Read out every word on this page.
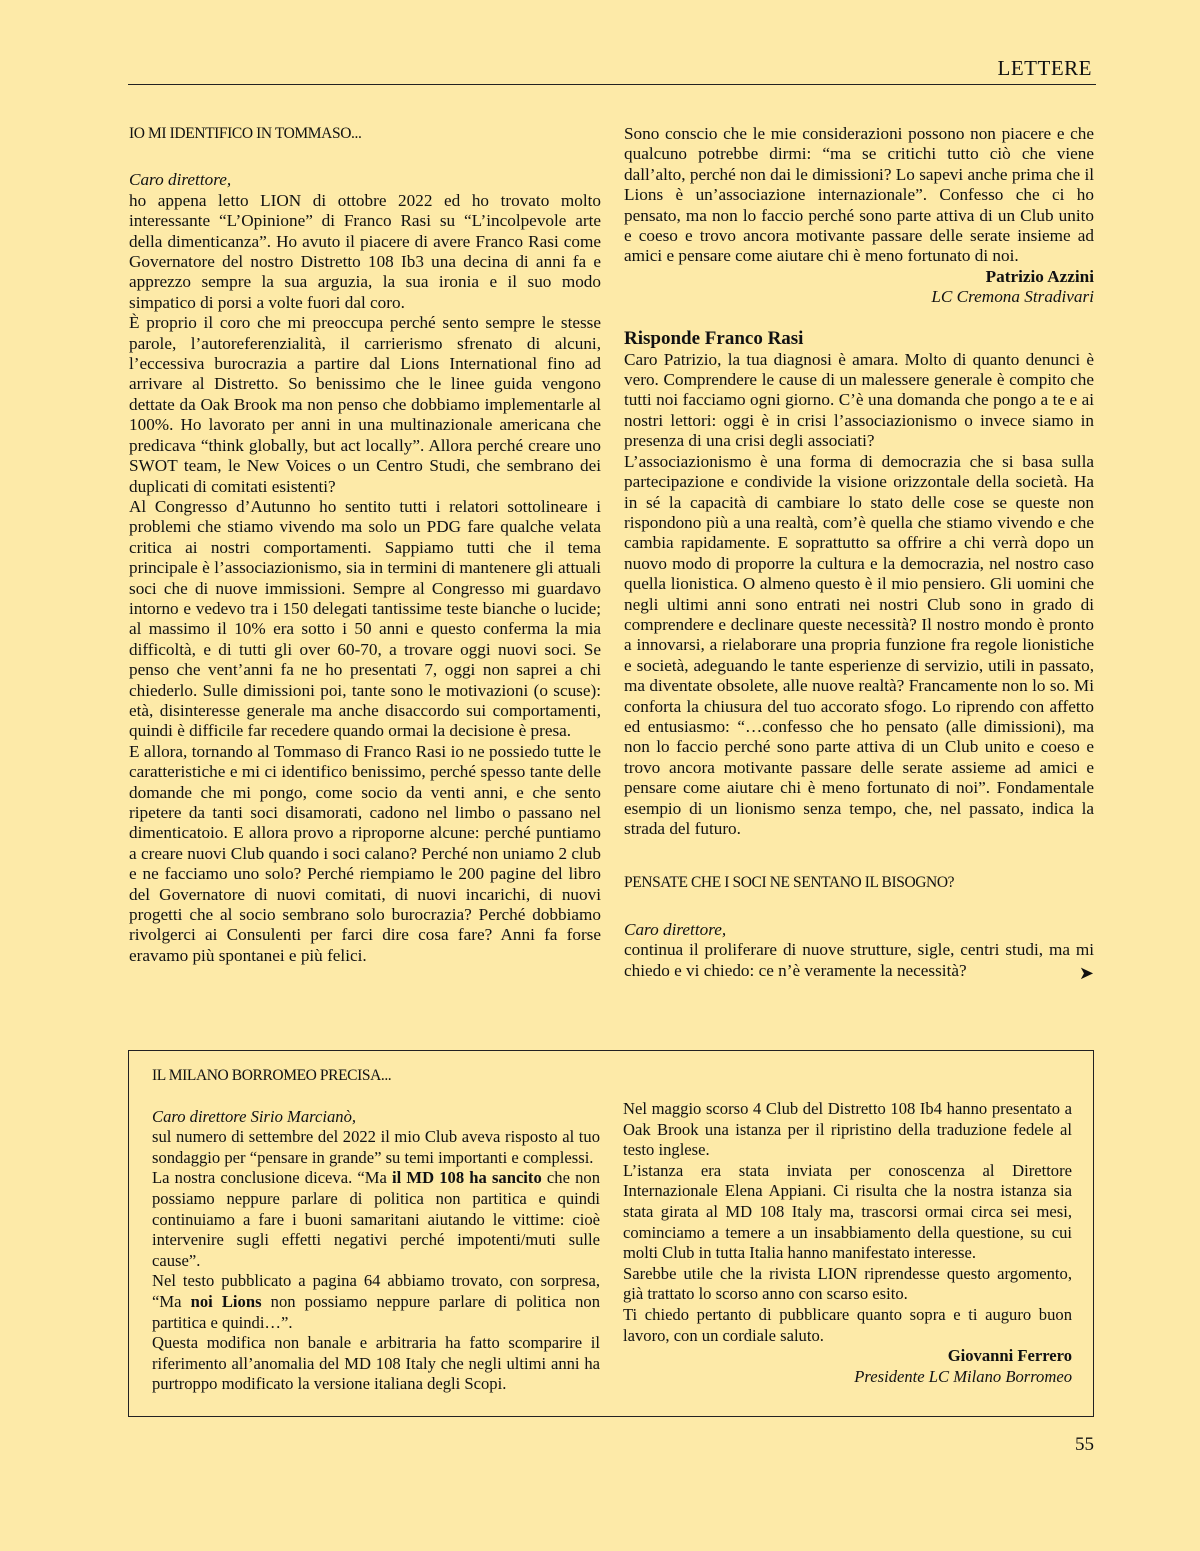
LETTERE

IO MI IDENTIFICO IN TOMMASO...

Caro direttore,

ho appena letto LION di ottobre 2022 ed ho trovato molto interessante “L’Opinione” di Franco Rasi su “L’incolpevole arte della dimenticanza”. Ho avuto il piacere di avere Franco Rasi come Governatore del nostro Distretto 108 Ib3 una decina di anni fa e apprezzo sempre la sua arguzia, la sua ironia e il suo modo simpatico di porsi a volte fuori dal coro.

È proprio il coro che mi preoccupa perché sento sempre le stesse parole, l’autoreferenzialità, il carrierismo sfrenato di alcuni, l’eccessiva burocrazia a partire dal Lions International fino ad arrivare al Distretto. So benissimo che le linee guida vengono dettate da Oak Brook ma non penso che dobbiamo implementarle al 100%. Ho lavorato per anni in una multinazionale americana che predicava “think globally, but act locally”. Allora perché creare uno SWOT team, le New Voices o un Centro Studi, che sembrano dei duplicati di comitati esistenti?

Al Congresso d’Autunno ho sentito tutti i relatori sottolineare i problemi che stiamo vivendo ma solo un PDG fare qualche velata critica ai nostri comportamenti. Sappiamo tutti che il tema principale è l’associazionismo, sia in termini di mantenere gli attuali soci che di nuove immissioni. Sempre al Congresso mi guardavo intorno e vedevo tra i 150 delegati tantissime teste bianche o lucide; al massimo il 10% era sotto i 50 anni e questo conferma la mia difficoltà, e di tutti gli over 60-70, a trovare oggi nuovi soci. Se penso che vent’anni fa ne ho presentati 7, oggi non saprei a chi chiederlo. Sulle dimissioni poi, tante sono le motivazioni (o scuse): età, disinteresse generale ma anche disaccordo sui comportamenti, quindi è difficile far recedere quando ormai la decisione è presa.

E allora, tornando al Tommaso di Franco Rasi io ne possiedo tutte le caratteristiche e mi ci identifico benissimo, perché spesso tante delle domande che mi pongo, come socio da venti anni, e che sento ripetere da tanti soci disamorati, cadono nel limbo o passano nel dimenticatoio. E allora provo a riproporne alcune: perché puntiamo a creare nuovi Club quando i soci calano? Perché non uniamo 2 club e ne facciamo uno solo? Perché riempiamo le 200 pagine del libro del Governatore di nuovi comitati, di nuovi incarichi, di nuovi progetti che al socio sembrano solo burocrazia? Perché dobbiamo rivolgerci ai Consulenti per farci dire cosa fare? Anni fa forse eravamo più spontanei e più felici.

Sono conscio che le mie considerazioni possono non piacere e che qualcuno potrebbe dirmi: “ma se critichi tutto ciò che viene dall’alto, perché non dai le dimissioni? Lo sapevi anche prima che il Lions è un’associazione internazionale”. Confesso che ci ho pensato, ma non lo faccio perché sono parte attiva di un Club unito e coeso e trovo ancora motivante passare delle serate insieme ad amici e pensare come aiutare chi è meno fortunato di noi.

Patrizio Azzini

LC Cremona Stradivari

Risponde Franco Rasi

Caro Patrizio, la tua diagnosi è amara. Molto di quanto denunci è vero. Comprendere le cause di un malessere generale è compito che tutti noi facciamo ogni giorno. C’è una domanda che pongo a te e ai nostri lettori: oggi è in crisi l’associazionismo o invece siamo in presenza di una crisi degli associati?

L’associazionismo è una forma di democrazia che si basa sulla partecipazione e condivide la visione orizzontale della società. Ha in sé la capacità di cambiare lo stato delle cose se queste non rispondono più a una realtà, com’è quella che stiamo vivendo e che cambia rapidamente. E soprattutto sa offrire a chi verrà dopo un nuovo modo di proporre la cultura e la democrazia, nel nostro caso quella lionistica. O almeno questo è il mio pensiero. Gli uomini che negli ultimi anni sono entrati nei nostri Club sono in grado di comprendere e declinare queste necessità? Il nostro mondo è pronto a innovarsi, a rielaborare una propria funzione fra regole lionistiche e società, adeguando le tante esperienze di servizio, utili in passato, ma diventate obsolete, alle nuove realtà? Francamente non lo so. Mi conforta la chiusura del tuo accorato sfogo. Lo riprendo con affetto ed entusiasmo: “…confesso che ho pensato (alle dimissioni), ma non lo faccio perché sono parte attiva di un Club unito e coeso e trovo ancora motivante passare delle serate assieme ad amici e pensare come aiutare chi è meno fortunato di noi”. Fondamentale esempio di un lionismo senza tempo, che, nel passato, indica la strada del futuro.

PENSATE CHE I SOCI NE SENTANO IL BISOGNO?

Caro direttore,

continua il proliferare di nuove strutture, sigle, centri studi, ma mi chiedo e vi chiedo: ce n’è veramente la necessità?	➤

IL MILANO BORROMEO PRECISA...

Caro direttore Sirio Marcianò,

sul numero di settembre del 2022 il mio Club aveva risposto al tuo sondaggio per “pensare in grande” su temi importanti e complessi.

La nostra conclusione diceva. “Ma il MD 108 ha sancito che non possiamo neppure parlare di politica non partitica e quindi continuiamo a fare i buoni samaritani aiutando le vittime: cioè intervenire sugli effetti negativi perché impotenti/muti sulle cause”.

Nel testo pubblicato a pagina 64 abbiamo trovato, con sorpresa, “Ma noi Lions non possiamo neppure parlare di politica non partitica e quindi…”.

Questa modifica non banale e arbitraria ha fatto scomparire il riferimento all’anomalia del MD 108 Italy che negli ultimi anni ha purtroppo modificato la versione italiana degli Scopi.

Nel maggio scorso 4 Club del Distretto 108 Ib4 hanno presentato a Oak Brook una istanza per il ripristino della traduzione fedele al testo inglese.

L’istanza era stata inviata per conoscenza al Direttore Internazionale Elena Appiani. Ci risulta che la nostra istanza sia stata girata al MD 108 Italy ma, trascorsi ormai circa sei mesi, cominciamo a temere a un insabbiamento della questione, su cui molti Club in tutta Italia hanno manifestato interesse.

Sarebbe utile che la rivista LION riprendesse questo argomento, già trattato lo scorso anno con scarso esito.

Ti chiedo pertanto di pubblicare quanto sopra e ti auguro buon lavoro, con un cordiale saluto.

Giovanni Ferrero

Presidente LC Milano Borromeo

55
